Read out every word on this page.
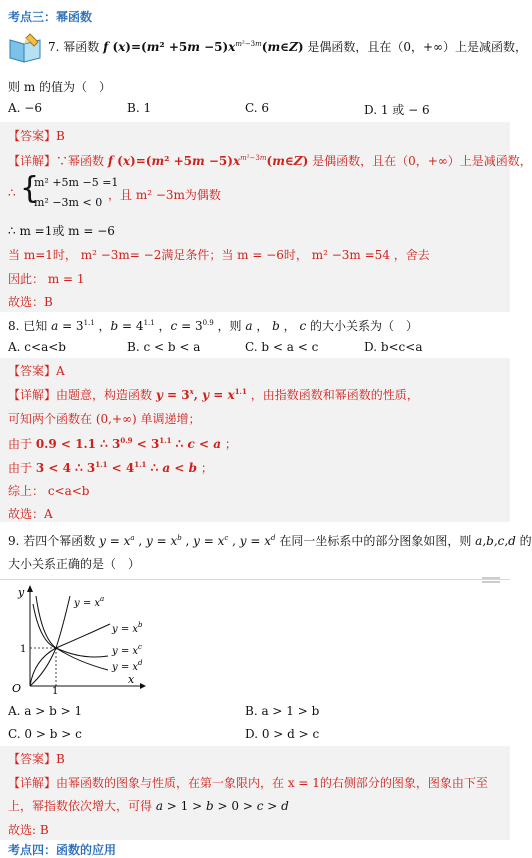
考点三：幂函数
7. 幂函数 f $(x)=(m^2 +5m -5)x^{m^2-3m}(m\in Z)$ 是偶函数，且在（0，+∞）上是减函数，
则 m 的值为（　）
A. −6	B. 1	C. 6	D. 1 或 − 6
【答案】B
【详解】∵幂函数 f $(x)=(m^2 +5m -5)x^{m^2-3m}(m\in Z)$ 是偶函数，且在（0，+∞）上是减函数，
∴ {
m² +5m −5 =1
m² −3m < 0
，且 m² −3m为偶数
∴ m =1或 m = −6
当 m=1时， m² −3m= −2满足条件；当 m = −6时， m² −3m =54 ，舍去
因此： m = 1
故选：B
8. 已知 $a = 3^{1.1}$ ，$b = 4^{1.1}$ ，$c = 3^{0.9}$ ，则 a ， b ， c 的大小关系为（　）
A. c<a<b	B. c < b < a	C. b < a < c	D. b<c<a
【答案】A
【详解】由题意，构造函数 $y = 3^x$, $y = x^{1.1}$ ，由指数函数和幂函数的性质，
可知两个函数在 (0,+∞) 单调递增；
由于 0.9 < 1.1 ∴ $3^{0.9} < 3^{1.1}$ ∴ c < a ；
由于 3 < 4 ∴ $3^{1.1} < 4^{1.1}$ ∴ a < b ；
综上： c<a<b
故选：A
9. 若四个幂函数 $y = x^a$ , $y = x^b$ , $y = x^c$ , $y = x^d$ 在同一坐标系中的部分图象如图，则 a,b,c,d 的
大小关系正确的是（　）
y
x
O	1
1
$y = x^a$
$y = x^b$
$y = x^c$
$y = x^d$
A. a > b > 1	B. a > 1 > b
C. 0 > b > c	D. 0 > d > c
【答案】B
【详解】由幂函数的图象与性质，在第一象限内，在 x = 1的右侧部分的图象，图象由下至
上，幂指数依次增大，可得 a > 1 > b > 0 > c > d
故选: B
考点四：函数的应用
